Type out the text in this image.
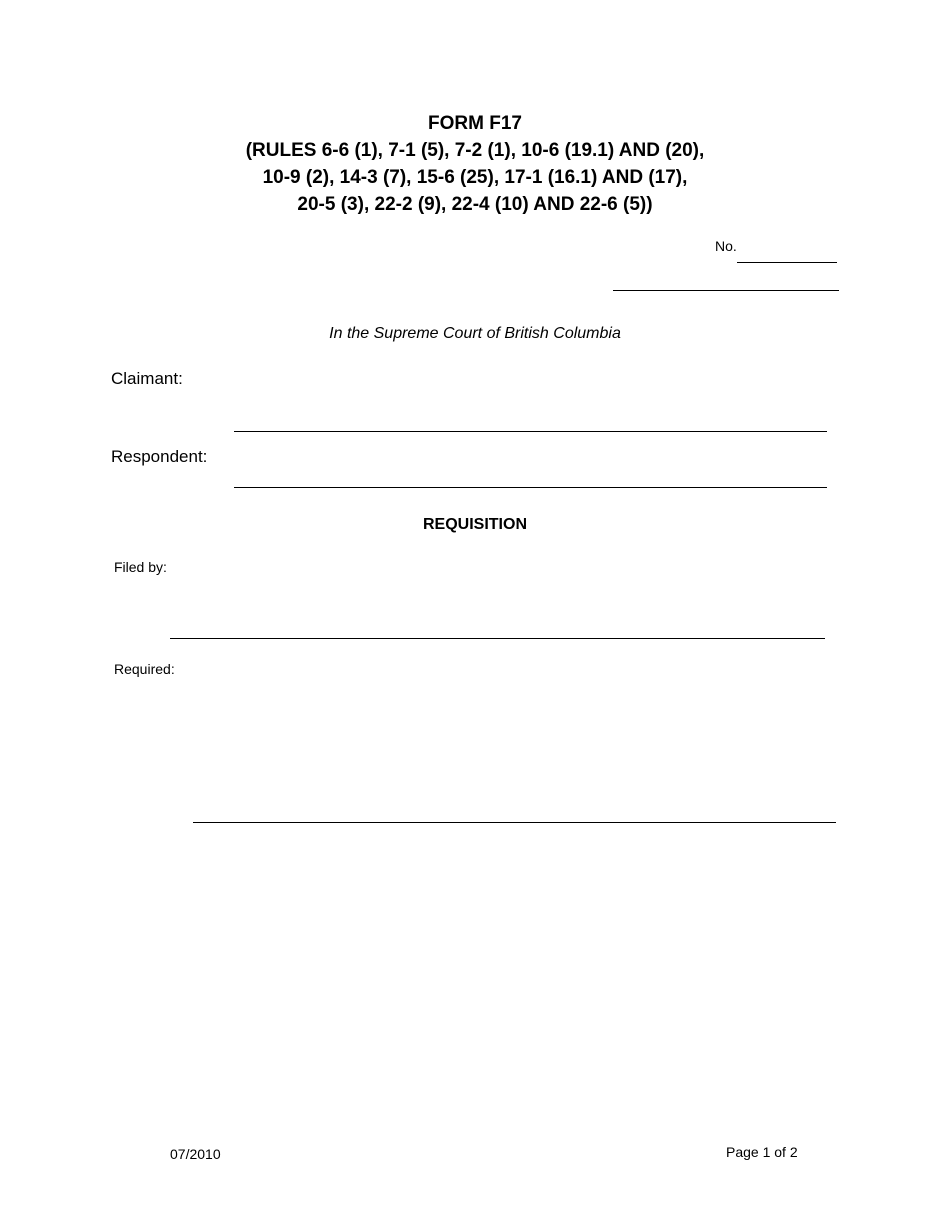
FORM F17
(RULES 6-6 (1), 7-1 (5), 7-2 (1), 10-6 (19.1) AND (20),
10-9 (2), 14-3 (7), 15-6 (25), 17-1 (16.1) AND (17),
20-5 (3), 22-2 (9), 22-4 (10) AND 22-6 (5))
No.
In the Supreme Court of British Columbia
Claimant:
Respondent:
REQUISITION
Filed by:
Required:
07/2010	Page 1 of 2
